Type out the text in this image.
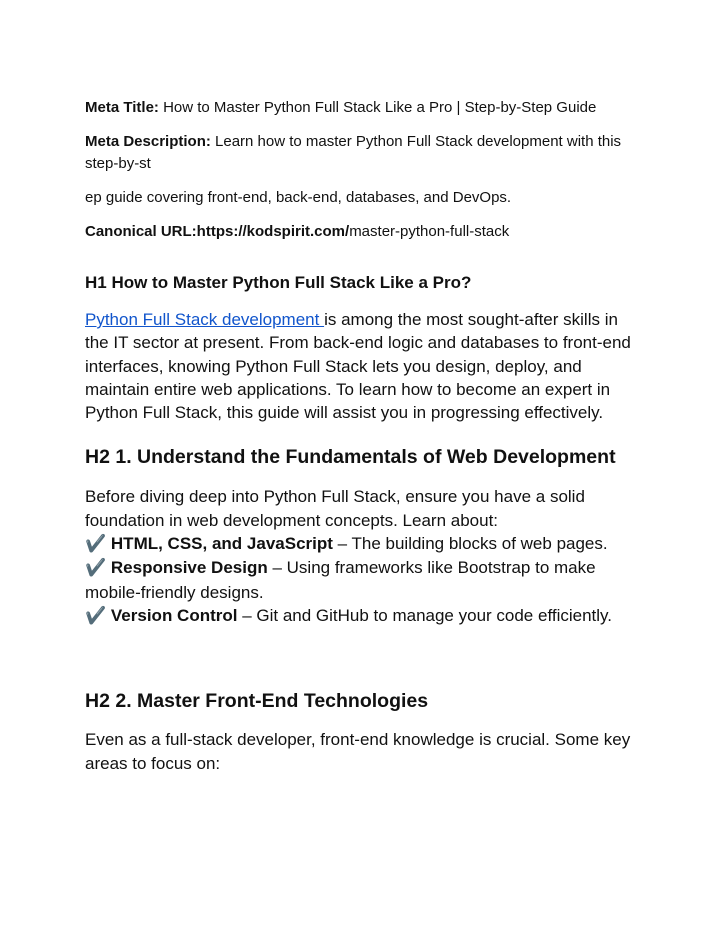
Meta Title: How to Master Python Full Stack Like a Pro | Step-by-Step Guide

Meta Description: Learn how to master Python Full Stack development with this step-by-st

ep guide covering front-end, back-end, databases, and DevOps.

Canonical URL:https://kodspirit.com/master-python-full-stack

H1 How to Master Python Full Stack Like a Pro?

Python Full Stack development is among the most sought-after skills in the IT sector at present. From back-end logic and databases to front-end interfaces, knowing Python Full Stack lets you design, deploy, and maintain entire web applications. To learn how to become an expert in Python Full Stack, this guide will assist you in progressing effectively.

H2 1. Understand the Fundamentals of Web Development

Before diving deep into Python Full Stack, ensure you have a solid foundation in web development concepts. Learn about:
✔️ HTML, CSS, and JavaScript – The building blocks of web pages.
✔️ Responsive Design – Using frameworks like Bootstrap to make mobile-friendly designs.
✔️ Version Control – Git and GitHub to manage your code efficiently.

H2 2. Master Front-End Technologies

Even as a full-stack developer, front-end knowledge is crucial. Some key areas to focus on:
